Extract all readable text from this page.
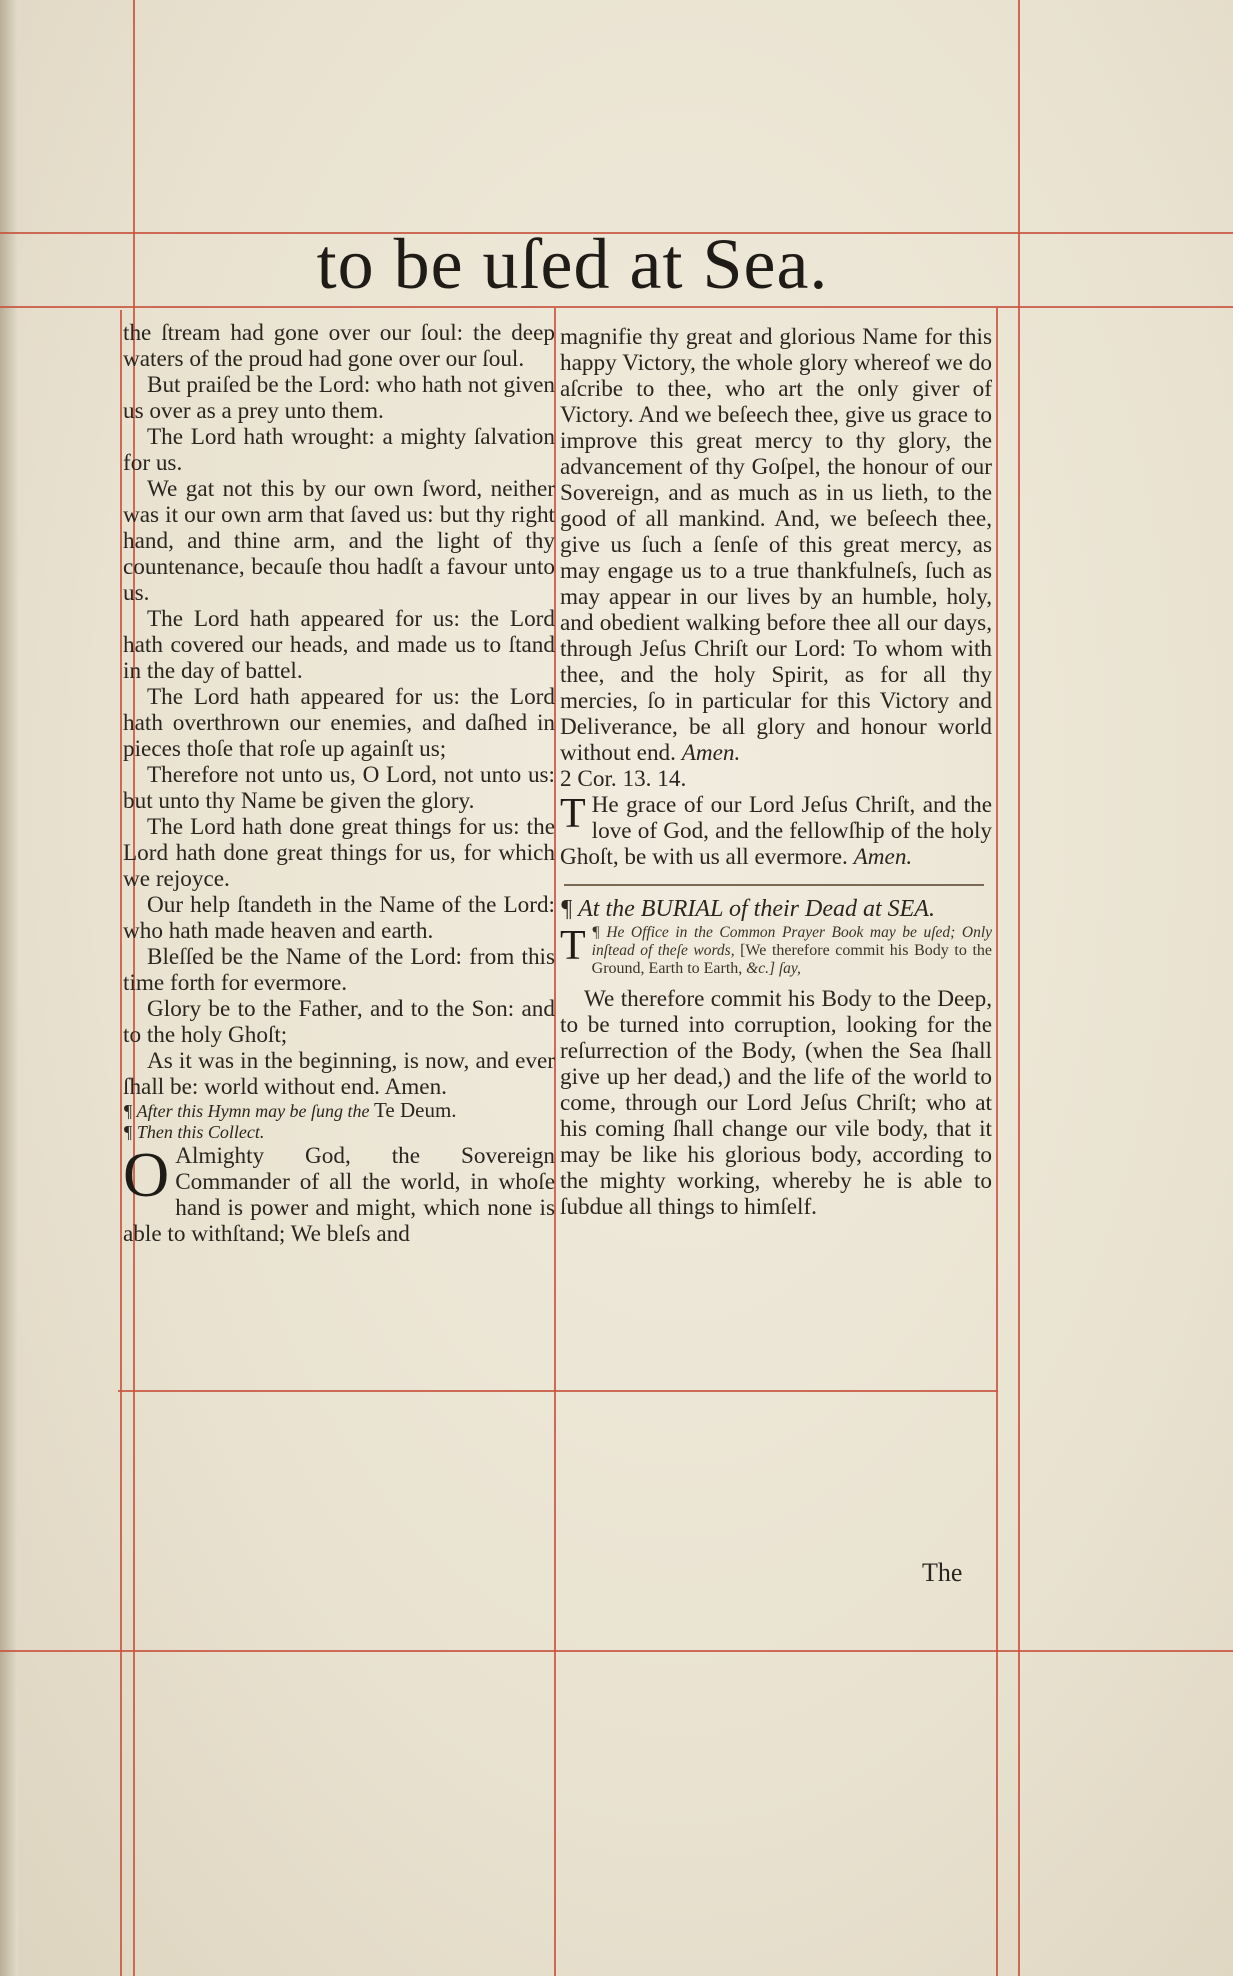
to be uſed at Sea.

the ſtream had gone over our ſoul: the deep waters of the proud had gone over our ſoul.

But praiſed be the Lord: who hath not given us over as a prey unto them.

The Lord hath wrought: a mighty ſalvation for us.

We gat not this by our own ſword, neither was it our own arm that ſaved us: but thy right hand, and thine arm, and the light of thy countenance, becauſe thou hadſt a favour unto us.

The Lord hath appeared for us: the Lord hath covered our heads, and made us to ſtand in the day of battel.

The Lord hath appeared for us: the Lord hath overthrown our enemies, and daſhed in pieces thoſe that roſe up againſt us;

Therefore not unto us, O Lord, not unto us: but unto thy Name be given the glory.

The Lord hath done great things for us: the Lord hath done great things for us, for which we rejoyce.

Our help ſtandeth in the Name of the Lord: who hath made heaven and earth.

Bleſſed be the Name of the Lord: from this time forth for evermore.

Glory be to the Father, and to the Son: and to the holy Ghoſt;

As it was in the beginning, is now, and ever ſhall be: world without end. Amen.

¶ After this Hymn may be ſung the Te Deum.

¶ Then this Collect.

O Almighty God, the Sovereign Commander of all the world, in whoſe hand is power and might, which none is able to withſtand; We bleſs and

magnifie thy great and glorious Name for this happy Victory, the whole glory whereof we do aſcribe to thee, who art the only giver of Victory. And we beſeech thee, give us grace to improve this great mercy to thy glory, the advancement of thy Goſpel, the honour of our Sovereign, and as much as in us lieth, to the good of all mankind. And, we beſeech thee, give us ſuch a ſenſe of this great mercy, as may engage us to a true thankfulneſs, ſuch as may appear in our lives by an humble, holy, and obedient walking before thee all our days, through Jeſus Chriſt our Lord: To whom with thee, and the holy Spirit, as for all thy mercies, ſo in particular for this Victory and Deliverance, be all glory and honour world without end. Amen.

2 Cor. 13. 14.

T He grace of our Lord Jeſus Chriſt, and the love of God, and the fellowſhip of the holy Ghoſt, be with us all evermore. Amen.

¶ At the BURIAL of their Dead at SEA.

¶
T He Office in the Common Prayer Book may be uſed; Only inſtead of theſe words, [We therefore commit his Body to the Ground, Earth to Earth, &c.] ſay,

We therefore commit his Body to the Deep, to be turned into corruption, looking for the reſurrection of the Body, (when the Sea ſhall give up her dead,) and the life of the world to come, through our Lord Jeſus Chriſt; who at his coming ſhall change our vile body, that it may be like his glorious body, according to the mighty working, whereby he is able to ſubdue all things to himſelf.

The
